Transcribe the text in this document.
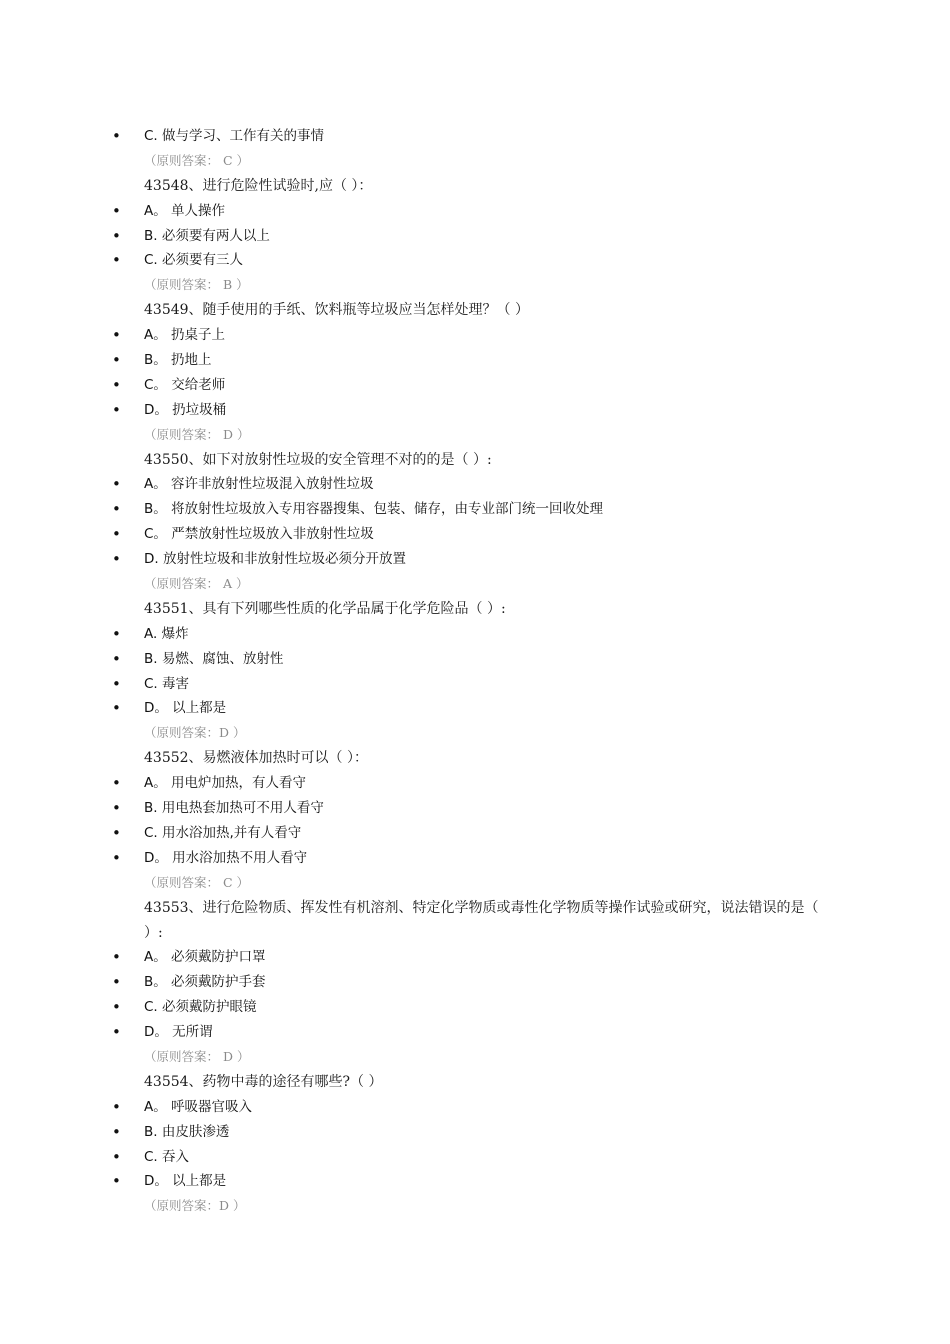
• C. 做与学习、工作有关的事情
（原则答案： C ）
43548、进行危险性试验时,应（ ）：
• A。 单人操作
• B. 必须要有两人以上
• C. 必须要有三人
（原则答案： B ）
43549、随手使用的手纸、饮料瓶等垃圾应当怎样处理？（ ）
• A。 扔桌子上
• B。 扔地上
• C。 交给老师
• D。 扔垃圾桶
（原则答案： D ）
43550、如下对放射性垃圾的安全管理不对的的是（ ）:
• A。 容许非放射性垃圾混入放射性垃圾
• B。 将放射性垃圾放入专用容器搜集、包装、储存，由专业部门统一回收处理
• C。 严禁放射性垃圾放入非放射性垃圾
• D. 放射性垃圾和非放射性垃圾必须分开放置
（原则答案： A ）
43551、具有下列哪些性质的化学品属于化学危险品（ ）:
• A. 爆炸
• B. 易燃、腐蚀、放射性
• C. 毒害
• D。 以上都是
（原则答案：D ）
43552、易燃液体加热时可以（ ）：
• A。 用电炉加热，有人看守
• B. 用电热套加热可不用人看守
• C. 用水浴加热,并有人看守
• D。 用水浴加热不用人看守
（原则答案： C ）
43553、进行危险物质、挥发性有机溶剂、特定化学物质或毒性化学物质等操作试验或研究，说法错误的是（ ）:
• A。 必须戴防护口罩
• B。 必须戴防护手套
• C. 必须戴防护眼镜
• D。 无所谓
（原则答案： D ）
43554、药物中毒的途径有哪些?（ ）
• A。 呼吸器官吸入
• B. 由皮肤渗透
• C. 吞入
• D。 以上都是
（原则答案：D ）
